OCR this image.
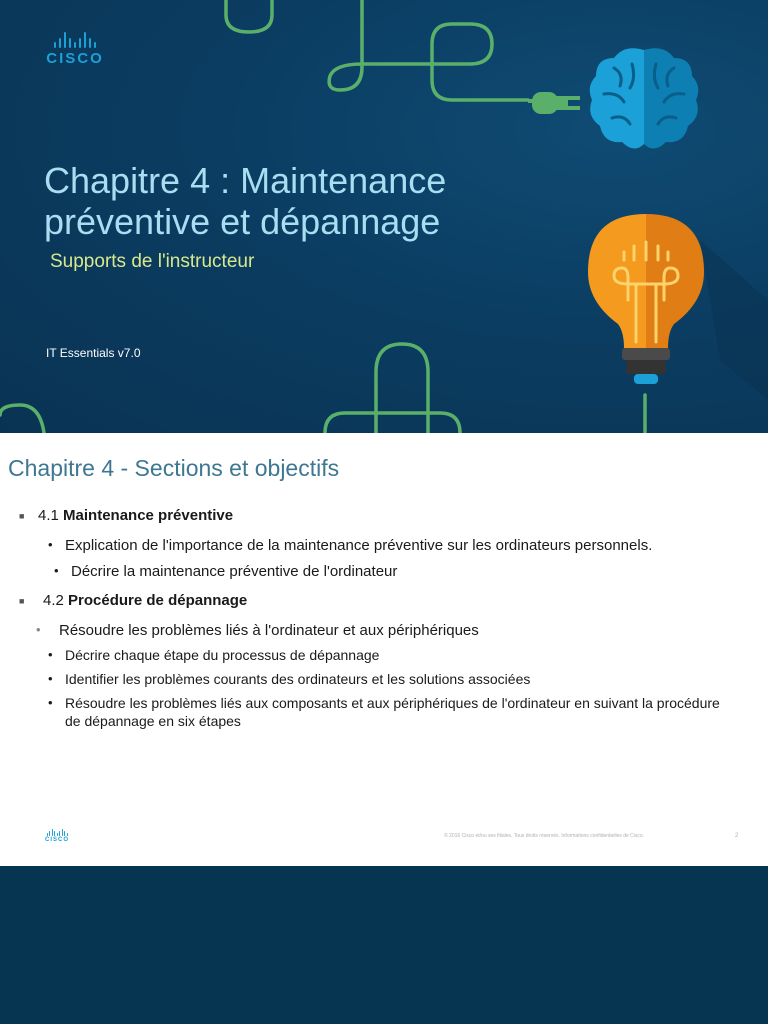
CISCO
Chapitre 4 : Maintenance
préventive et dépannage

Supports de l'instructeur

IT Essentials v7.0
Chapitre 4 - Sections et objectifs
■ 4.1 Maintenance préventive
• Explication de l'importance de la maintenance préventive sur les ordinateurs personnels.
• Décrire la maintenance préventive de l'ordinateur
■ 4.2 Procédure de dépannage
• Résoudre les problèmes liés à l'ordinateur et aux périphériques
• Décrire chaque étape du processus de dépannage
• Identifier les problèmes courants des ordinateurs et les solutions associées
• Résoudre les problèmes liés aux composants et aux périphériques de l'ordinateur en suivant la procédure de dépannage en six étapes
CISCO
© 2016 Cisco et/ou ses filiales. Tous droits réservés. Informations confidentielles de Cisco.	2
